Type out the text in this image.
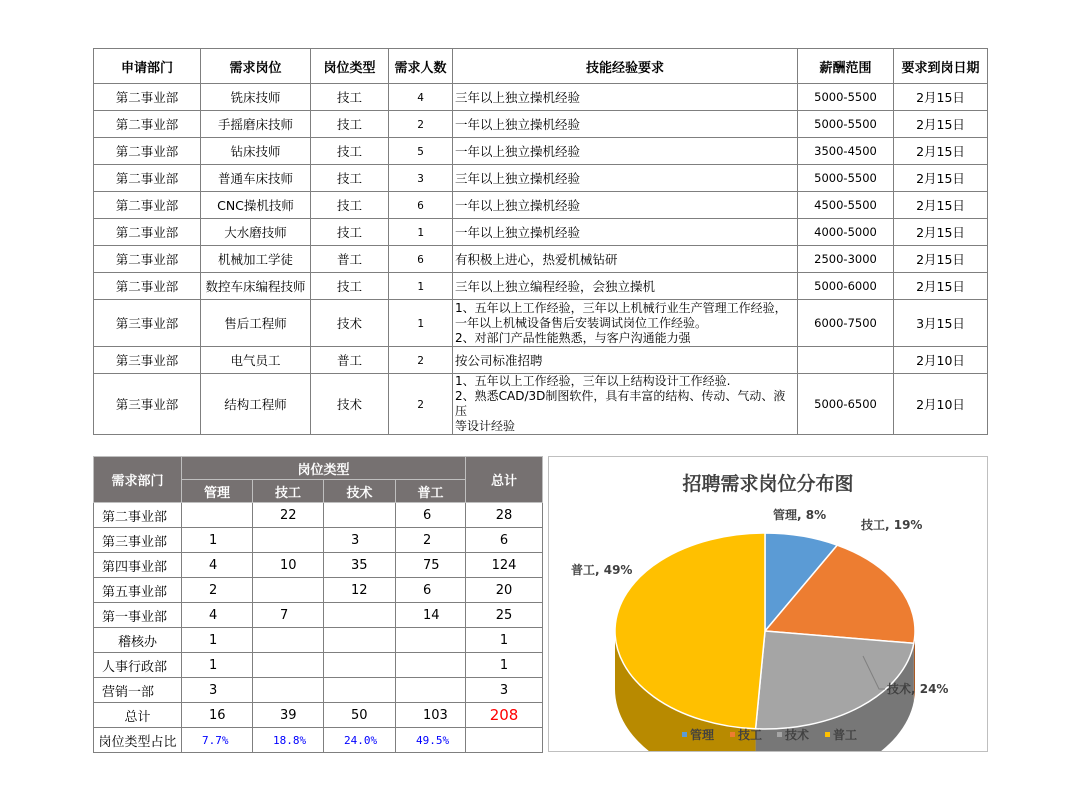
申请部门	需求岗位	岗位类型	需求人数	技能经验要求	薪酬范围	要求到岗日期
第二事业部	铣床技师	技工	4	三年以上独立操机经验	5000-5500	2月15日
第二事业部	手摇磨床技师	技工	2	一年以上独立操机经验	5000-5500	2月15日
第二事业部	钻床技师	技工	5	一年以上独立操机经验	3500-4500	2月15日
第二事业部	普通车床技师	技工	3	三年以上独立操机经验	5000-5500	2月15日
第二事业部	CNC操机技师	技工	6	一年以上独立操机经验	4500-5500	2月15日
第二事业部	大水磨技师	技工	1	一年以上独立操机经验	4000-5000	2月15日
第二事业部	机械加工学徒	普工	6	有积极上进心，热爱机械钻研	2500-3000	2月15日
第二事业部	数控车床编程技师	技工	1	三年以上独立编程经验，会独立操机	5000-6000	2月15日
第三事业部	售后工程师	技术	1	1、五年以上工作经验，三年以上机械行业生产管理工作经验，
一年以上机械设备售后安装调试岗位工作经验。
2、对部门产品性能熟悉，与客户沟通能力强	6000-7500	3月15日
第三事业部	电气员工	普工	2	按公司标准招聘		2月10日
第三事业部	结构工程师	技术	2	1、五年以上工作经验，三年以上结构设计工作经验.
2、熟悉CAD/3D制图软件，具有丰富的结构、传动、气动、液压
等设计经验	5000-6500	2月10日
需求部门	岗位类型				总计
	管理	技工	技术	普工	
第二事业部		22		6	28
第三事业部	1		3	2	6
第四事业部	4	10	35	75	124
第五事业部	2		12	6	20
第一事业部	4	7		14	25
稽核办	1				1
人事行政部	1				1
营销一部	3				3
总计	16	39	50	103	208
岗位类型占比	7.7%	18.8%	24.0%	49.5%	
招聘需求岗位分布图
管理, 8%
技工, 19%
技术, 24%
普工, 49%
管理 技工 技术 普工
